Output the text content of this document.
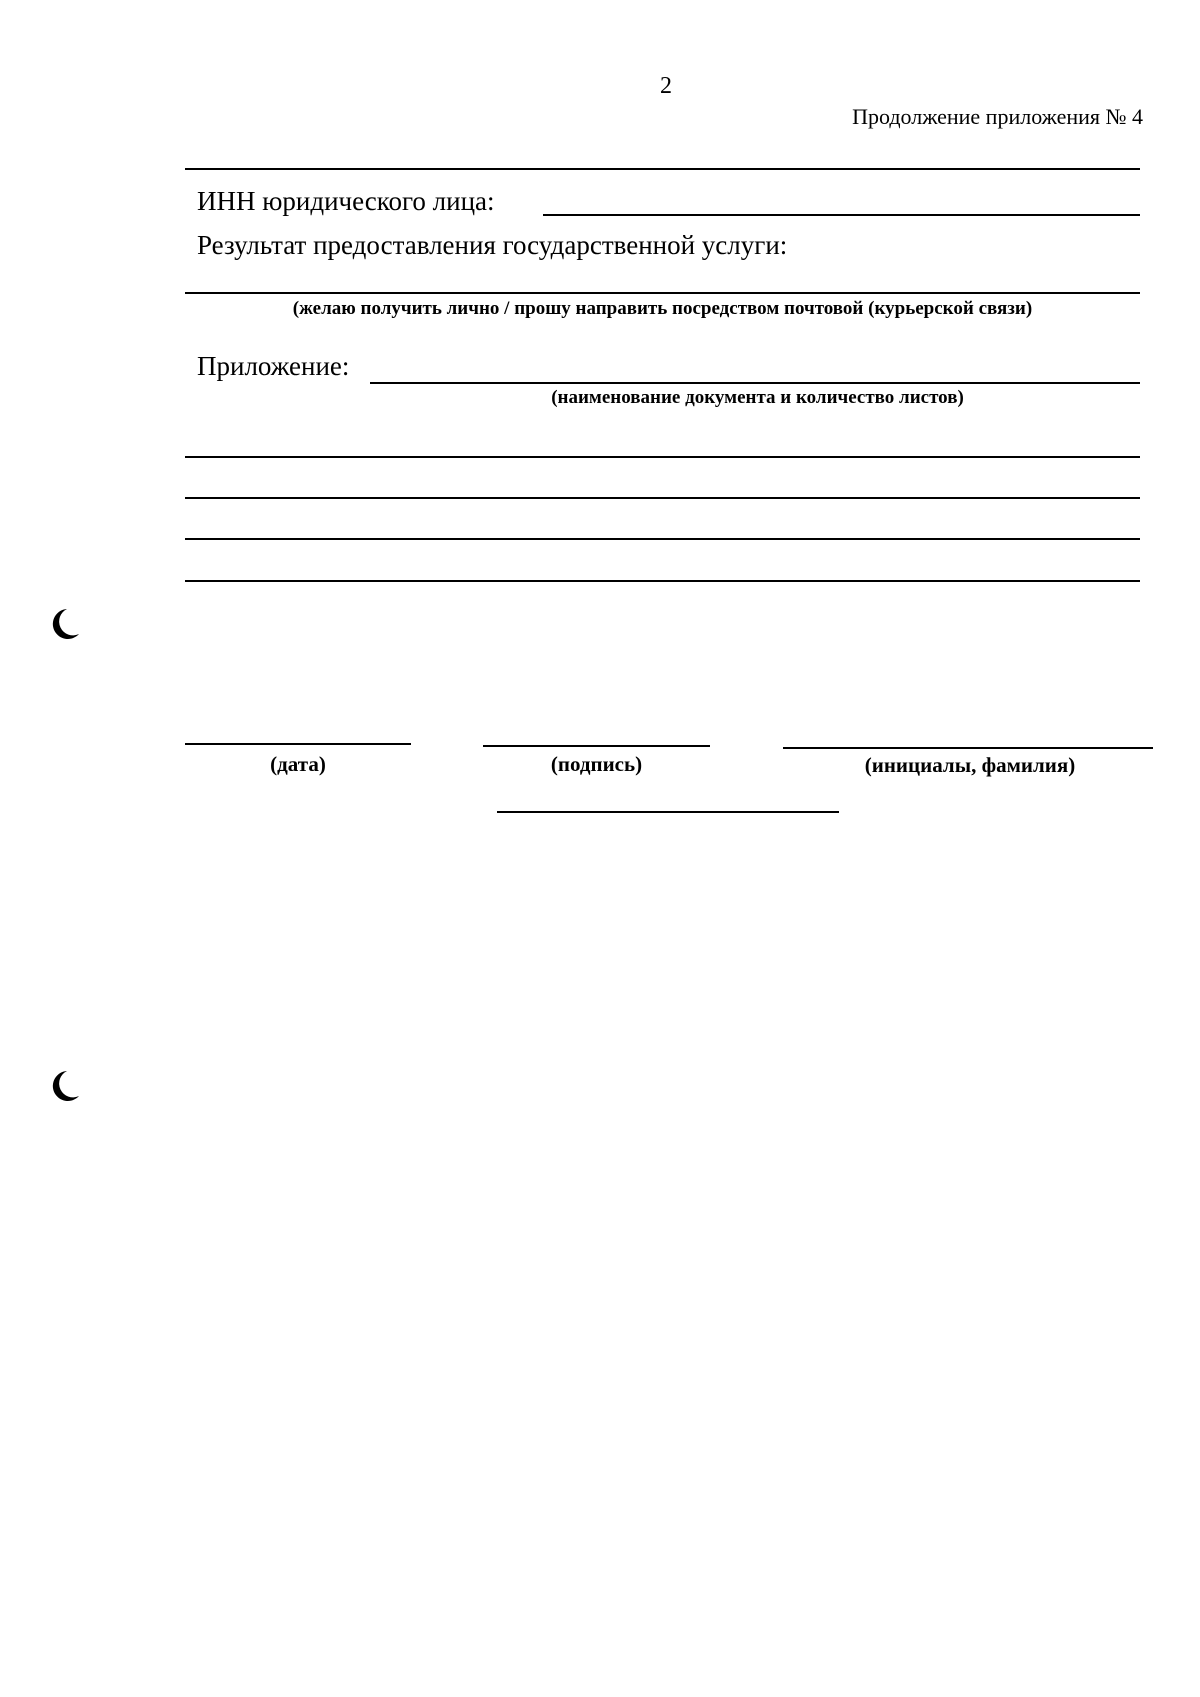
2
Продолжение приложения № 4
ИНН юридического лица:
Результат предоставления государственной услуги:
(желаю получить лично / прошу направить посредством почтовой (курьерской связи)
Приложение:
(наименование документа и количество листов)
(дата)	(подпись)	(инициалы, фамилия)
